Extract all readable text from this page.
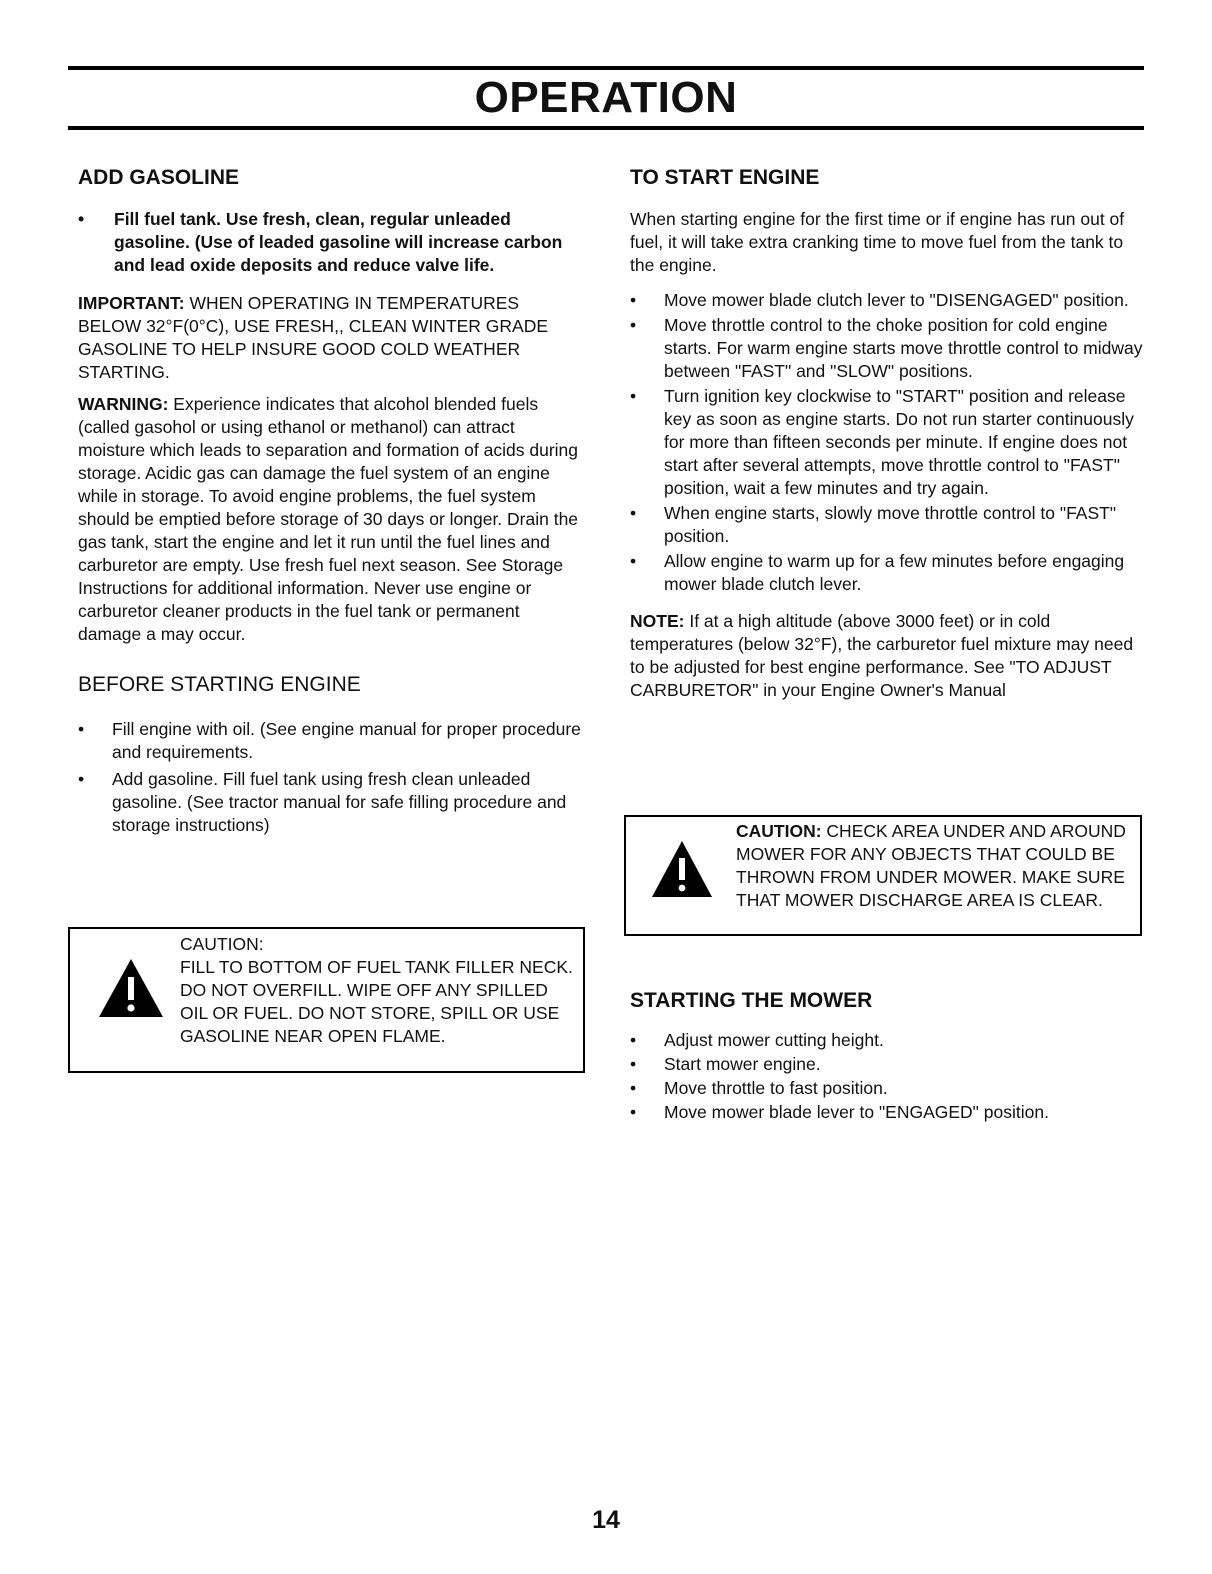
OPERATION
ADD GASOLINE
•	Fill fuel tank. Use fresh, clean, regular unleaded gasoline. (Use of leaded gasoline will increase carbon and lead oxide deposits and reduce valve life.

IMPORTANT: WHEN OPERATING IN TEMPERATURES BELOW 32°F(0°C), USE FRESH,, CLEAN WINTER GRADE GASOLINE TO HELP INSURE GOOD COLD WEATHER STARTING.

WARNING: Experience indicates that alcohol blended fuels (called gasohol or using ethanol or methanol) can attract moisture which leads to separation and formation of acids during storage. Acidic gas can damage the fuel system of an engine while in storage. To avoid engine problems, the fuel system should be emptied before storage of 30 days or longer. Drain the gas tank, start the engine and let it run until the fuel lines and carburetor are empty. Use fresh fuel next season. See Storage Instructions for additional information. Never use engine or carburetor cleaner products in the fuel tank or permanent damage a may occur.

BEFORE STARTING ENGINE
•	Fill engine with oil. (See engine manual for proper procedure and requirements.
•	Add gasoline. Fill fuel tank using fresh clean unleaded gasoline. (See tractor manual for safe filling procedure and storage instructions)
CAUTION:
FILL TO BOTTOM OF FUEL TANK FILLER NECK. DO NOT OVERFILL. WIPE OFF ANY SPILLED OIL OR FUEL. DO NOT STORE, SPILL OR USE GASOLINE NEAR OPEN FLAME.
TO START ENGINE

When starting engine for the first time or if engine has run out of fuel, it will take extra cranking time to move fuel from the tank to the engine.

•	Move mower blade clutch lever to "DISENGAGED" position.
•	Move throttle control to the choke position for cold engine starts. For warm engine starts move throttle control to midway between "FAST" and "SLOW" positions.
•	Turn ignition key clockwise to "START" position and release key as soon as engine starts. Do not run starter continuously for more than fifteen seconds per minute. If engine does not start after several attempts, move throttle control to "FAST" position, wait a few minutes and try again.
•	When engine starts, slowly move throttle control to "FAST" position.
•	Allow engine to warm up for a few minutes before engaging mower blade clutch lever.

NOTE: If at a high altitude (above 3000 feet) or in cold temperatures (below 32°F), the carburetor fuel mixture may need to be adjusted for best engine performance. See "TO ADJUST CARBURETOR" in your Engine Owner's Manual

CAUTION: CHECK AREA UNDER AND AROUND MOWER FOR ANY OBJECTS THAT COULD BE THROWN FROM UNDER MOWER. MAKE SURE THAT MOWER DISCHARGE AREA IS CLEAR.
STARTING THE MOWER
•	Adjust mower cutting height.
•	Start mower engine.
•	Move throttle to fast position.
•	Move mower blade lever to "ENGAGED" position.
14
